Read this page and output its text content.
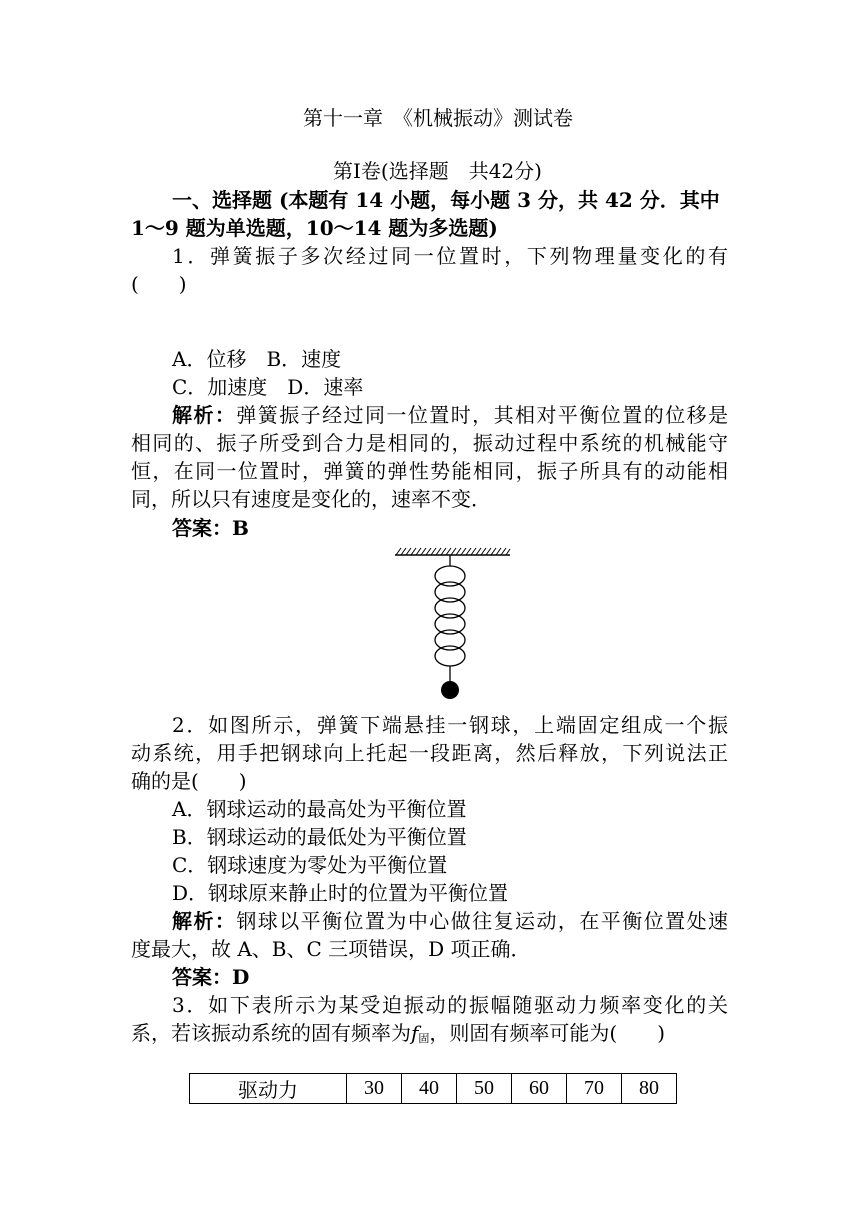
第十一章　《机械振动》测试卷
第Ⅰ卷(选择题　共42分)
一、选择题 (本题有 14 小题，每小题 3 分，共 42 分．其中
1～9 题为单选题，10～14 题为多选题)
1．弹簧振子多次经过同一位置时，下列物理量变化的有
(　　)
A．位移　B．速度
C．加速度　D．速率
解析：弹簧振子经过同一位置时，其相对平衡位置的位移是
相同的、振子所受到合力是相同的，振动过程中系统的机械能守
恒，在同一位置时，弹簧的弹性势能相同，振子所具有的动能相
同，所以只有速度是变化的，速率不变．
答案：B
2．如图所示，弹簧下端悬挂一钢球，上端固定组成一个振
动系统，用手把钢球向上托起一段距离，然后释放，下列说法正
确的是(　　)
A．钢球运动的最高处为平衡位置
B．钢球运动的最低处为平衡位置
C．钢球速度为零处为平衡位置
D．钢球原来静止时的位置为平衡位置
解析：钢球以平衡位置为中心做往复运动，在平衡位置处速
度最大，故 A、B、C 三项错误，D 项正确．
答案：D
3．如下表所示为某受迫振动的振幅随驱动力频率变化的关
系，若该振动系统的固有频率为f固，则固有频率可能为(　　)
驱动力	30	40	50	60	70	80
